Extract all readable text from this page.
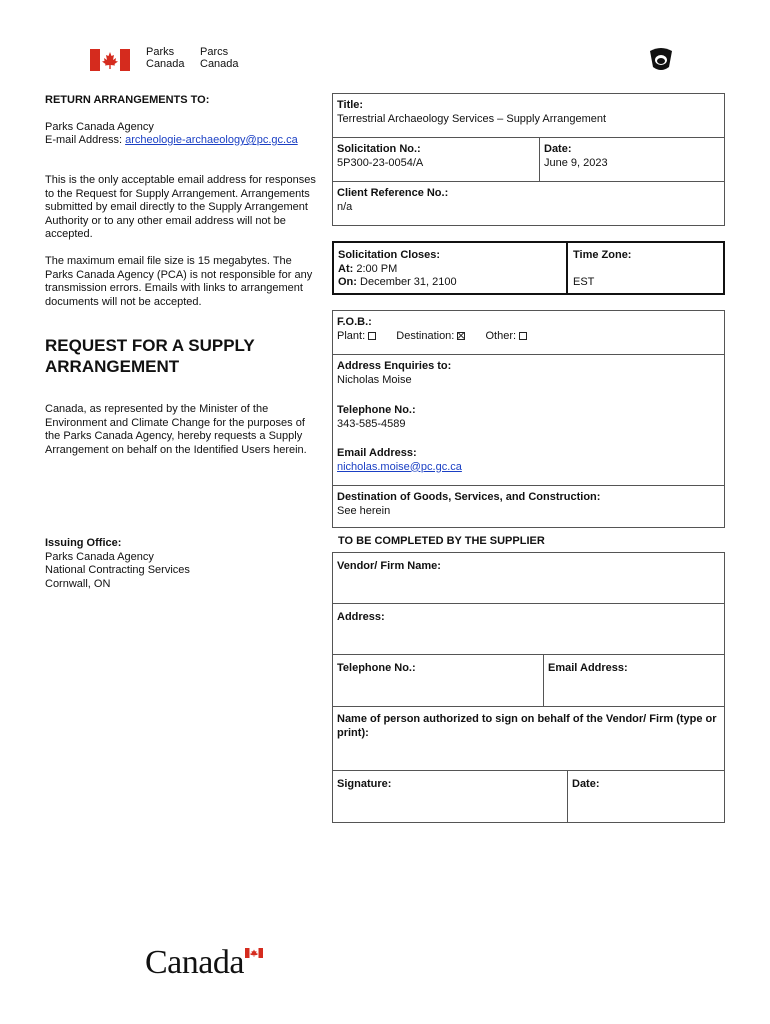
Parks
Canada
Parcs
Canada
RETURN ARRANGEMENTS TO:
Parks Canada Agency
E-mail Address: archeologie-archaeology@pc.gc.ca
This is the only acceptable email address for responses
to the Request for Supply Arrangement. Arrangements
submitted by email directly to the Supply Arrangement
Authority or to any other email address will not be
accepted.
The maximum email file size is 15 megabytes. The
Parks Canada Agency (PCA) is not responsible for any
transmission errors. Emails with links to arrangement
documents will not be accepted.
REQUEST FOR A SUPPLY
ARRANGEMENT
Canada, as represented by the Minister of the
Environment and Climate Change for the purposes of
the Parks Canada Agency, hereby requests a Supply
Arrangement on behalf on the Identified Users herein.
Issuing Office:
Parks Canada Agency
National Contracting Services
Cornwall, ON
Title:
Terrestrial Archaeology Services – Supply Arrangement
Solicitation No.:
5P300-23-0054/A
Date:
June 9, 2023
Client Reference No.:
n/a
Solicitation Closes:
At: 2:00 PM
On: December 31, 2100
Time Zone:
EST
F.O.B.:
Plant:	Destination:	Other:
Address Enquiries to:
Nicholas Moise
Telephone No.:
343-585-4589
Email Address:
nicholas.moise@pc.gc.ca
Destination of Goods, Services, and Construction:
See herein
TO BE COMPLETED BY THE SUPPLIER
Vendor/ Firm Name:
Address:
Telephone No.:	Email Address:
Name of person authorized to sign on behalf of the Vendor/ Firm (type or print):
Signature:	Date:
Canada
